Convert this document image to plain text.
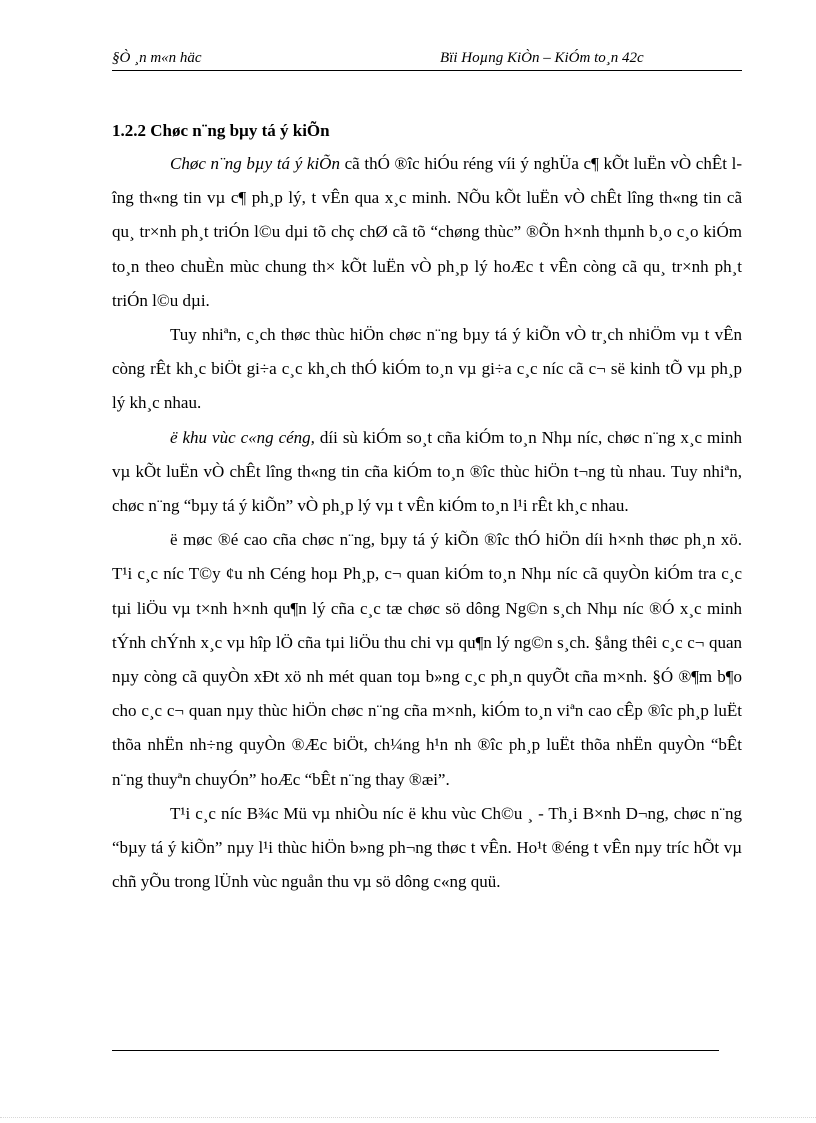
§Ò ¸n m«n häc	Bïi Hoµng KiÒn – KiÓm to¸n 42c
1.2.2 Chøc n¨ng bµy tá ý kiÕn

Chøc n¨ng bµy tá ý kiÕn cã thÓ ®îc hiÓu réng víi ý nghÜa c¶ kÕt luËn vÒ chÊt lîng th«ng tin vµ c¶ ph¸p lý, t vÊn qua x¸c minh. NÕu kÕt luËn vÒ chÊt lîng th«ng tin cã qu¸ tr×nh ph¸t triÓn l©u dµi tõ chç chØ cã tõ “chøng thùc” ®Õn h×nh thµnh b¸o c¸o kiÓm to¸n theo chuÈn mùc chung th× kÕt luËn vÒ ph¸p lý hoÆc t vÊn còng cã qu¸ tr×nh ph¸t triÓn l©u dµi.

Tuy nhiªn, c¸ch thøc thùc hiÖn chøc n¨ng bµy tá ý kiÕn vÒ tr¸ch nhiÖm vµ t vÊn còng rÊt kh¸c biÖt gi÷a c¸c kh¸ch thÓ kiÓm to¸n vµ gi÷a c¸c níc cã c¬ së kinh tÕ vµ ph¸p lý kh¸c nhau.

ë khu vùc c«ng céng, díi sù kiÓm so¸t cña kiÓm to¸n Nhµ níc, chøc n¨ng x¸c minh vµ kÕt luËn vÒ chÊt lîng th«ng tin cña kiÓm to¸n ®îc thùc hiÖn t¬ng tù nhau. Tuy nhiªn, chøc n¨ng “bµy tá ý kiÕn” vÒ ph¸p lý vµ t vÊn kiÓm to¸n l¹i rÊt kh¸c nhau.

ë møc ®é cao cña chøc n¨ng, bµy tá ý kiÕn ®îc thÓ hiÖn díi h×nh thøc ph¸n xö. T¹i c¸c níc T©y ¢u nh Céng hoµ Ph¸p, c¬ quan kiÓm to¸n Nhµ níc cã quyÒn kiÓm tra c¸c tµi liÖu vµ t×nh h×nh qu¶n lý cña c¸c tæ chøc sö dông Ng©n s¸ch Nhµ níc ®Ó x¸c minh tÝnh chÝnh x¸c vµ hîp lÖ cña tµi liÖu thu chi vµ qu¶n lý ng©n s¸ch. §ång thêi c¸c c¬ quan nµy còng cã quyÒn xÐt xö nh mét quan toµ b»ng c¸c ph¸n quyÕt cña m×nh. §Ó ®¶m b¶o cho c¸c c¬ quan nµy thùc hiÖn chøc n¨ng cña m×nh, kiÓm to¸n viªn cao cÊp ®îc ph¸p luËt thõa nhËn nh÷ng quyÒn ®Æc biÖt, ch¼ng h¹n nh ®îc ph¸p luËt thõa nhËn quyÒn “bÊt n¨ng thuyªn chuyÓn” hoÆc “bÊt n¨ng thay ®æi”.

T¹i c¸c níc B¾c Mü vµ nhiÒu níc ë khu vùc Ch©u ¸ - Th¸i B×nh D¬ng, chøc n¨ng “bµy tá ý kiÕn” nµy l¹i thùc hiÖn b»ng ph¬ng thøc t vÊn. Ho¹t ®éng t vÊn nµy tríc hÕt vµ chñ yÕu trong lÜnh vùc nguån thu vµ sö dông c«ng quü.
